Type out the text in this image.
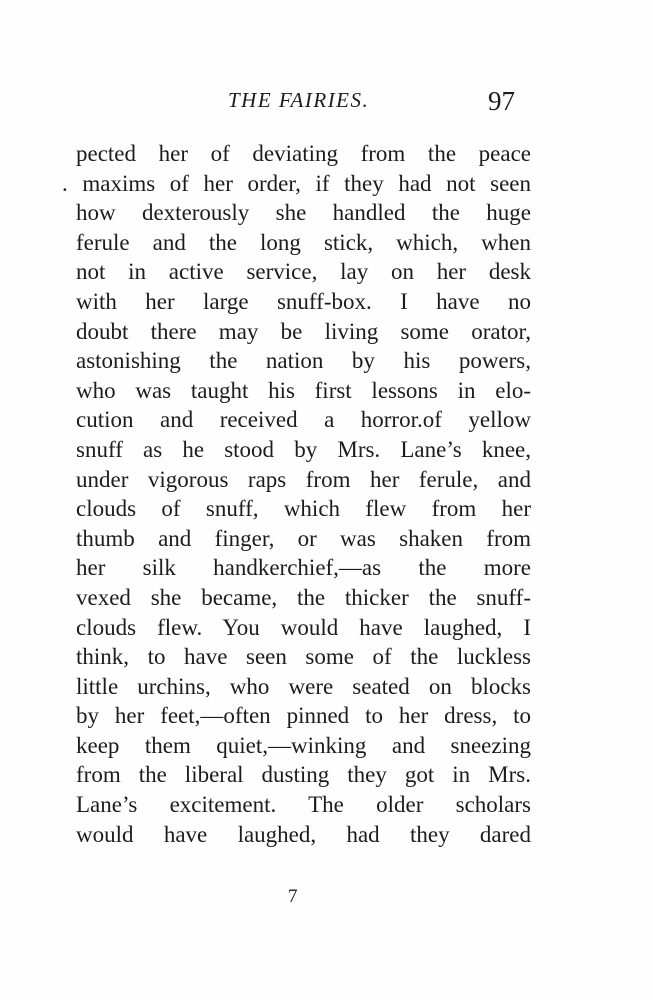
THE FAIRIES.	97
pected her of deviating from the peace
. maxims of her order, if they had not seen
how dexterously she handled the huge
ferule and the long stick, which, when
not in active service, lay on her desk
with her large snuff-box. I have no
doubt there may be living some orator,
astonishing the nation by his powers,
who was taught his first lessons in elo-
cution and received a horror.of yellow
snuff as he stood by Mrs. Lane’s knee,
under vigorous raps from her ferule, and
clouds of snuff, which flew from her
thumb and finger, or was shaken from
her silk handkerchief,—as the more
vexed she became, the thicker the snuff-
clouds flew. You would have laughed, I
think, to have seen some of the luckless
little urchins, who were seated on blocks
by her feet,—often pinned to her dress, to
keep them quiet,—winking and sneezing
from the liberal dusting they got in Mrs.
Lane’s excitement. The older scholars
would have laughed, had they dared
7
